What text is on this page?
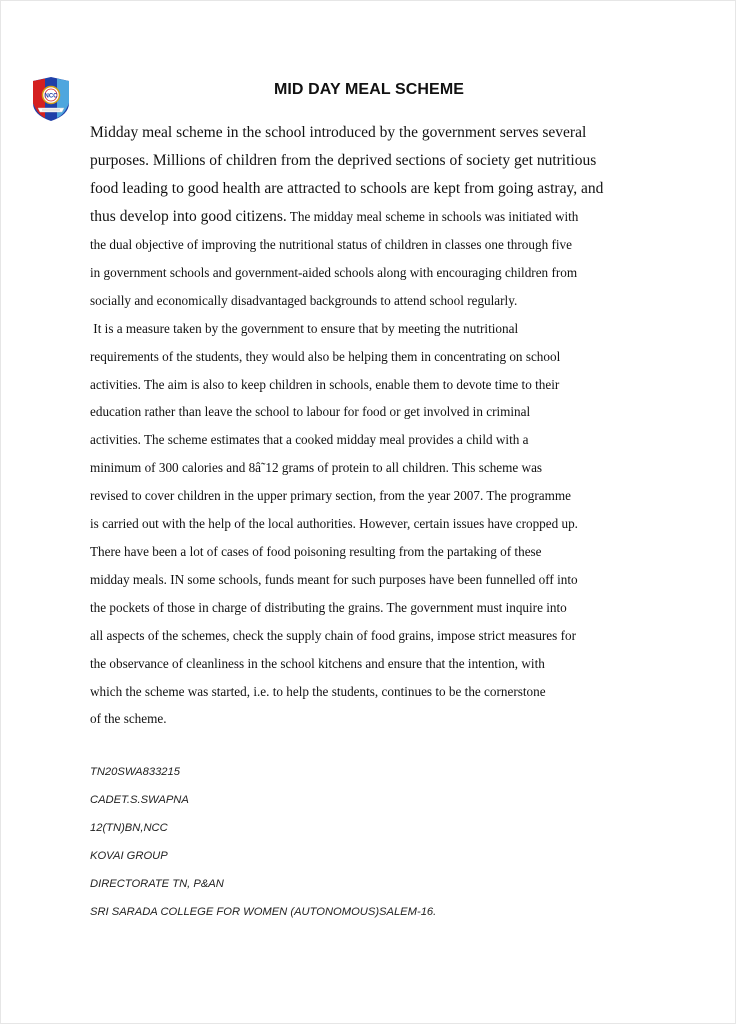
NCC	MID DAY MEAL SCHEME
Midday meal scheme in the school introduced by the government serves several
purposes. Millions of children from the deprived sections of society get nutritious
food leading to good health are attracted to schools are kept from going astray, and
thus develop into good citizens. The midday meal scheme in schools was initiated with
the dual objective of improving the nutritional status of children in classes one through five
in government schools and government-aided schools along with encouraging children from
socially and economically disadvantaged backgrounds to attend school regularly.
It is a measure taken by the government to ensure that by meeting the nutritional
requirements of the students, they would also be helping them in concentrating on school
activities. The aim is also to keep children in schools, enable them to devote time to their
education rather than leave the school to labour for food or get involved in criminal
activities. The scheme estimates that a cooked midday meal provides a child with a
minimum of 300 calories and 8â˜12 grams of protein to all children. This scheme was
revised to cover children in the upper primary section, from the year 2007. The programme
is carried out with the help of the local authorities. However, certain issues have cropped up.
There have been a lot of cases of food poisoning resulting from the partaking of these
midday meals. IN some schools, funds meant for such purposes have been funnelled off into
the pockets of those in charge of distributing the grains. The government must inquire into
all aspects of the schemes, check the supply chain of food grains, impose strict measures for
the observance of cleanliness in the school kitchens and ensure that the intention, with
which the scheme was started, i.e. to help the students, continues to be the cornerstone
of the scheme.
TN20SWA833215
CADET.S.SWAPNA
12(TN)BN,NCC
KOVAI GROUP
DIRECTORATE TN, P&AN
SRI SARADA COLLEGE FOR WOMEN (AUTONOMOUS)SALEM-16.
